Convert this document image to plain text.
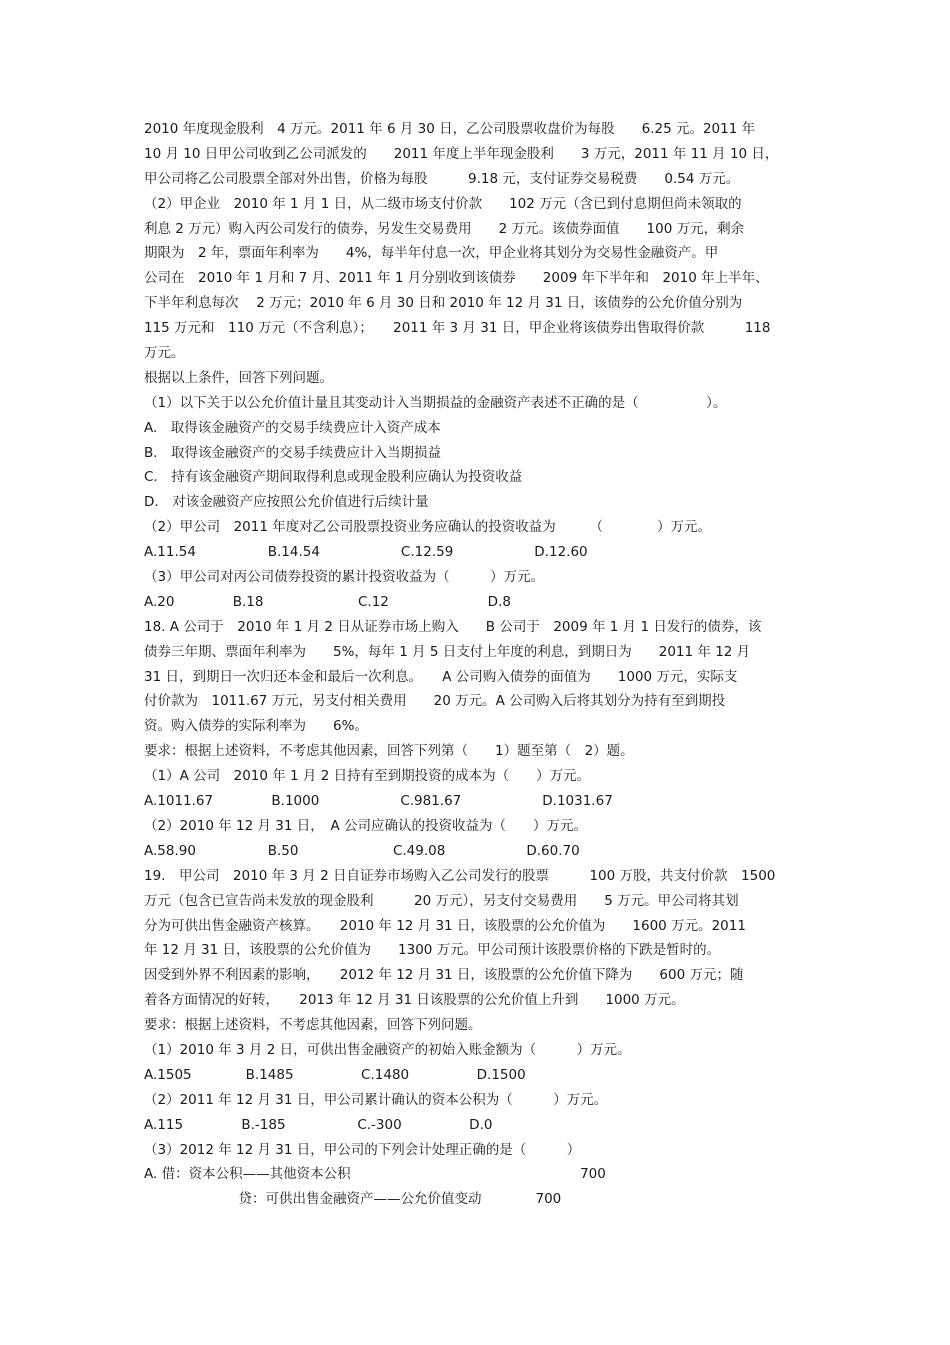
2010 年度现金股利　4 万元。2011 年 6 月 30 日，乙公司股票收盘价为每股　　6.25 元。2011 年
10 月 10 日甲公司收到乙公司派发的　　2011 年度上半年现金股利　　3 万元，2011 年 11 月 10 日，
甲公司将乙公司股票全部对外出售，价格为每股　　　9.18 元，支付证券交易税费　　0.54 万元。
（2）甲企业　2010 年 1 月 1 日，从二级市场支付价款　　102 万元（含已到付息期但尚未领取的
利息 2 万元）购入丙公司发行的债券，另发生交易费用　　2 万元。该债券面值　　100 万元，剩余
期限为　2 年，票面年利率为　　4%，每半年付息一次，甲企业将其划分为交易性金融资产。甲
公司在　2010 年 1 月和 7 月、2011 年 1 月分别收到该债券　　2009 年下半年和　2010 年上半年、
下半年利息每次　 2 万元；2010 年 6 月 30 日和 2010 年 12 月 31 日，该债券的公允价值分别为
115 万元和　110 万元（不含利息）；　　2011 年 3 月 31 日，甲企业将该债券出售取得价款　　　118
万元。
根据以上条件，回答下列问题。
（1）以下关于以公允价值计量且其变动计入当期损益的金融资产表述不正确的是（　　　　　）。
A.　取得该金融资产的交易手续费应计入资产成本
B.　取得该金融资产的交易手续费应计入当期损益
C.　持有该金融资产期间取得利息或现金股利应确认为投资收益
D.　对该金融资产应按照公允价值进行后续计量
（2）甲公司　2011 年度对乙公司股票投资业务应确认的投资收益为　　　（　　　　）万元。
A.11.54　　　　　 B.14.54　　　　　　C.12.59　　　　　　D.12.60
（3）甲公司对丙公司债券投资的累计投资收益为（　　　）万元。
A.20　　　　 B.18　　　　　　　C.12　　　　　　　 D.8
18. A 公司于　2010 年 1 月 2 日从证券市场上购入　　B 公司于　2009 年 1 月 1 日发行的债券，该
债券三年期、票面年利率为　　5%，每年 1 月 5 日支付上年度的利息，到期日为　　2011 年 12 月
31 日，到期日一次归还本金和最后一次利息。　　A 公司购入债券的面值为　　1000 万元，实际支
付价款为　1011.67 万元，另支付相关费用　　20 万元。A 公司购入后将其划分为持有至到期投
资。购入债券的实际利率为　　6%。
要求：根据上述资料，不考虑其他因素，回答下列第（　　1）题至第（　2）题。
（1）A 公司　2010 年 1 月 2 日持有至到期投资的成本为（　　）万元。
A.1011.67　　　　 B.1000　　　　　　C.981.67　　　　　　D.1031.67
（2）2010 年 12 月 31 日，　A 公司应确认的投资收益为（　　）万元。
A.58.90　　　　　 B.50　　　　　　　C.49.08　　　　　　D.60.70
19.　甲公司　2010 年 3 月 2 日自证券市场购入乙公司发行的股票　　　100 万股，共支付价款　1500
万元（包含已宣告尚未发放的现金股利　　　20 万元），另支付交易费用　　5 万元。甲公司将其划
分为可供出售金融资产核算。　　2010 年 12 月 31 日，该股票的公允价值为　　1600 万元。2011
年 12 月 31 日，该股票的公允价值为　　1300 万元。甲公司预计该股票价格的下跌是暂时的。
因受到外界不利因素的影响，　　2012 年 12 月 31 日，该股票的公允价值下降为　　600 万元；随
着各方面情况的好转，　　2013 年 12 月 31 日该股票的公允价值上升到　　1000 万元。
要求：根据上述资料，不考虑其他因素，回答下列问题。
（1）2010 年 3 月 2 日，可供出售金融资产的初始入账金额为（　　　）万元。
A.1505　　　　B.1485　　　　　C.1480　　　　　D.1500
（2）2011 年 12 月 31 日，甲公司累计确认的资本公积为（　　　）万元。
A.115　　　　 B.-185　　　　　 C.-300　　　　　D.0
（3）2012 年 12 月 31 日，甲公司的下列会计处理正确的是（　　　）
A. 借：资本公积——其他资本公积　　　　　　　　　　　　　　　　　700
　　　　　　　贷：可供出售金融资产——公允价值变动　　　　700
